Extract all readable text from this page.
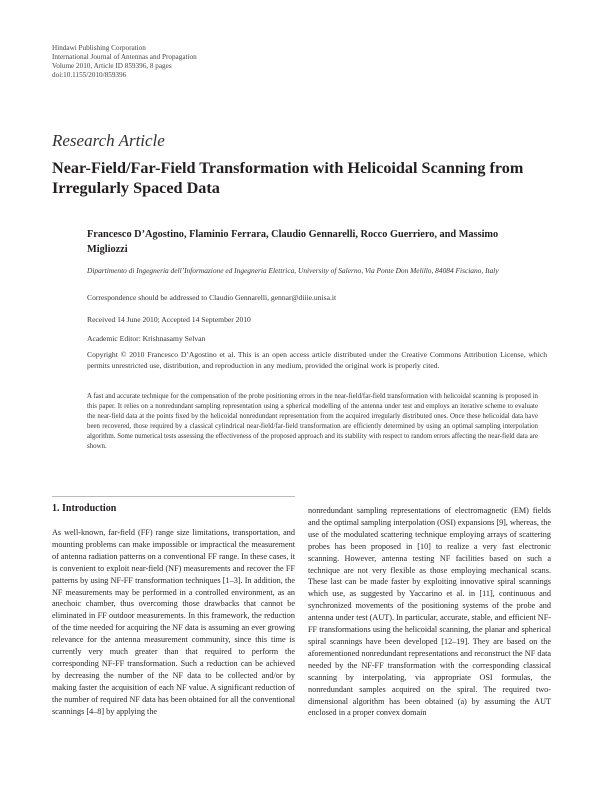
Hindawi Publishing Corporation
International Journal of Antennas and Propagation
Volume 2010, Article ID 859396, 8 pages
doi:10.1155/2010/859396
Research Article
Near-Field/Far-Field Transformation with Helicoidal Scanning from Irregularly Spaced Data
Francesco D’Agostino, Flaminio Ferrara, Claudio Gennarelli, Rocco Guerriero, and Massimo Migliozzi
Dipartimento di Ingegneria dell’Informazione ed Ingegneria Elettrica, University of Salerno, Via Ponte Don Melillo, 84084 Fisciano, Italy
Correspondence should be addressed to Claudio Gennarelli, gennar@diiie.unisa.it
Received 14 June 2010; Accepted 14 September 2010
Academic Editor: Krishnasamy Selvan
Copyright © 2010 Francesco D’Agostino et al. This is an open access article distributed under the Creative Commons Attribution License, which permits unrestricted use, distribution, and reproduction in any medium, provided the original work is properly cited.
A fast and accurate technique for the compensation of the probe positioning errors in the near-field/far-field transformation with helicoidal scanning is proposed in this paper. It relies on a nonredundant sampling representation using a spherical modelling of the antenna under test and employs an iterative scheme to evaluate the near-field data at the points fixed by the helicoidal nonredundant representation from the acquired irregularly distributed ones. Once these helicoidal data have been recovered, those required by a classical cylindrical near-field/far-field transformation are efficiently determined by using an optimal sampling interpolation algorithm. Some numerical tests assessing the effectiveness of the proposed approach and its stability with respect to random errors affecting the near-field data are shown.
1. Introduction

As well-known, far-field (FF) range size limitations, transportation, and mounting problems can make impossible or impractical the measurement of antenna radiation patterns on a conventional FF range. In these cases, it is convenient to exploit near-field (NF) measurements and recover the FF patterns by using NF-FF transformation techniques [1–3]. In addition, the NF measurements may be performed in a controlled environment, as an anechoic chamber, thus overcoming those drawbacks that cannot be eliminated in FF outdoor measurements. In this framework, the reduction of the time needed for acquiring the NF data is assuming an ever growing relevance for the antenna measurement community, since this time is currently very much greater than that required to perform the corresponding NF-FF transformation. Such a reduction can be achieved by decreasing the number of the NF data to be collected and/or by making faster the acquisition of each NF value. A significant reduction of the number of required NF data has been obtained for all the conventional scannings [4–8] by applying the

nonredundant sampling representations of electromagnetic (EM) fields and the optimal sampling interpolation (OSI) expansions [9], whereas, the use of the modulated scattering technique employing arrays of scattering probes has been proposed in [10] to realize a very fast electronic scanning. However, antenna testing NF facilities based on such a technique are not very flexible as those employing mechanical scans. These last can be made faster by exploiting innovative spiral scannings which use, as suggested by Yaccarino et al. in [11], continuous and synchronized movements of the positioning systems of the probe and antenna under test (AUT). In particular, accurate, stable, and efficient NF-FF transformations using the helicoidal scanning, the planar and spherical spiral scannings have been developed [12–19]. They are based on the aforementioned nonredundant representations and reconstruct the NF data needed by the NF-FF transformation with the corresponding classical scanning by interpolating, via appropriate OSI formulas, the nonredundant samples acquired on the spiral. The required two-dimensional algorithm has been obtained (a) by assuming the AUT enclosed in a proper convex domain
